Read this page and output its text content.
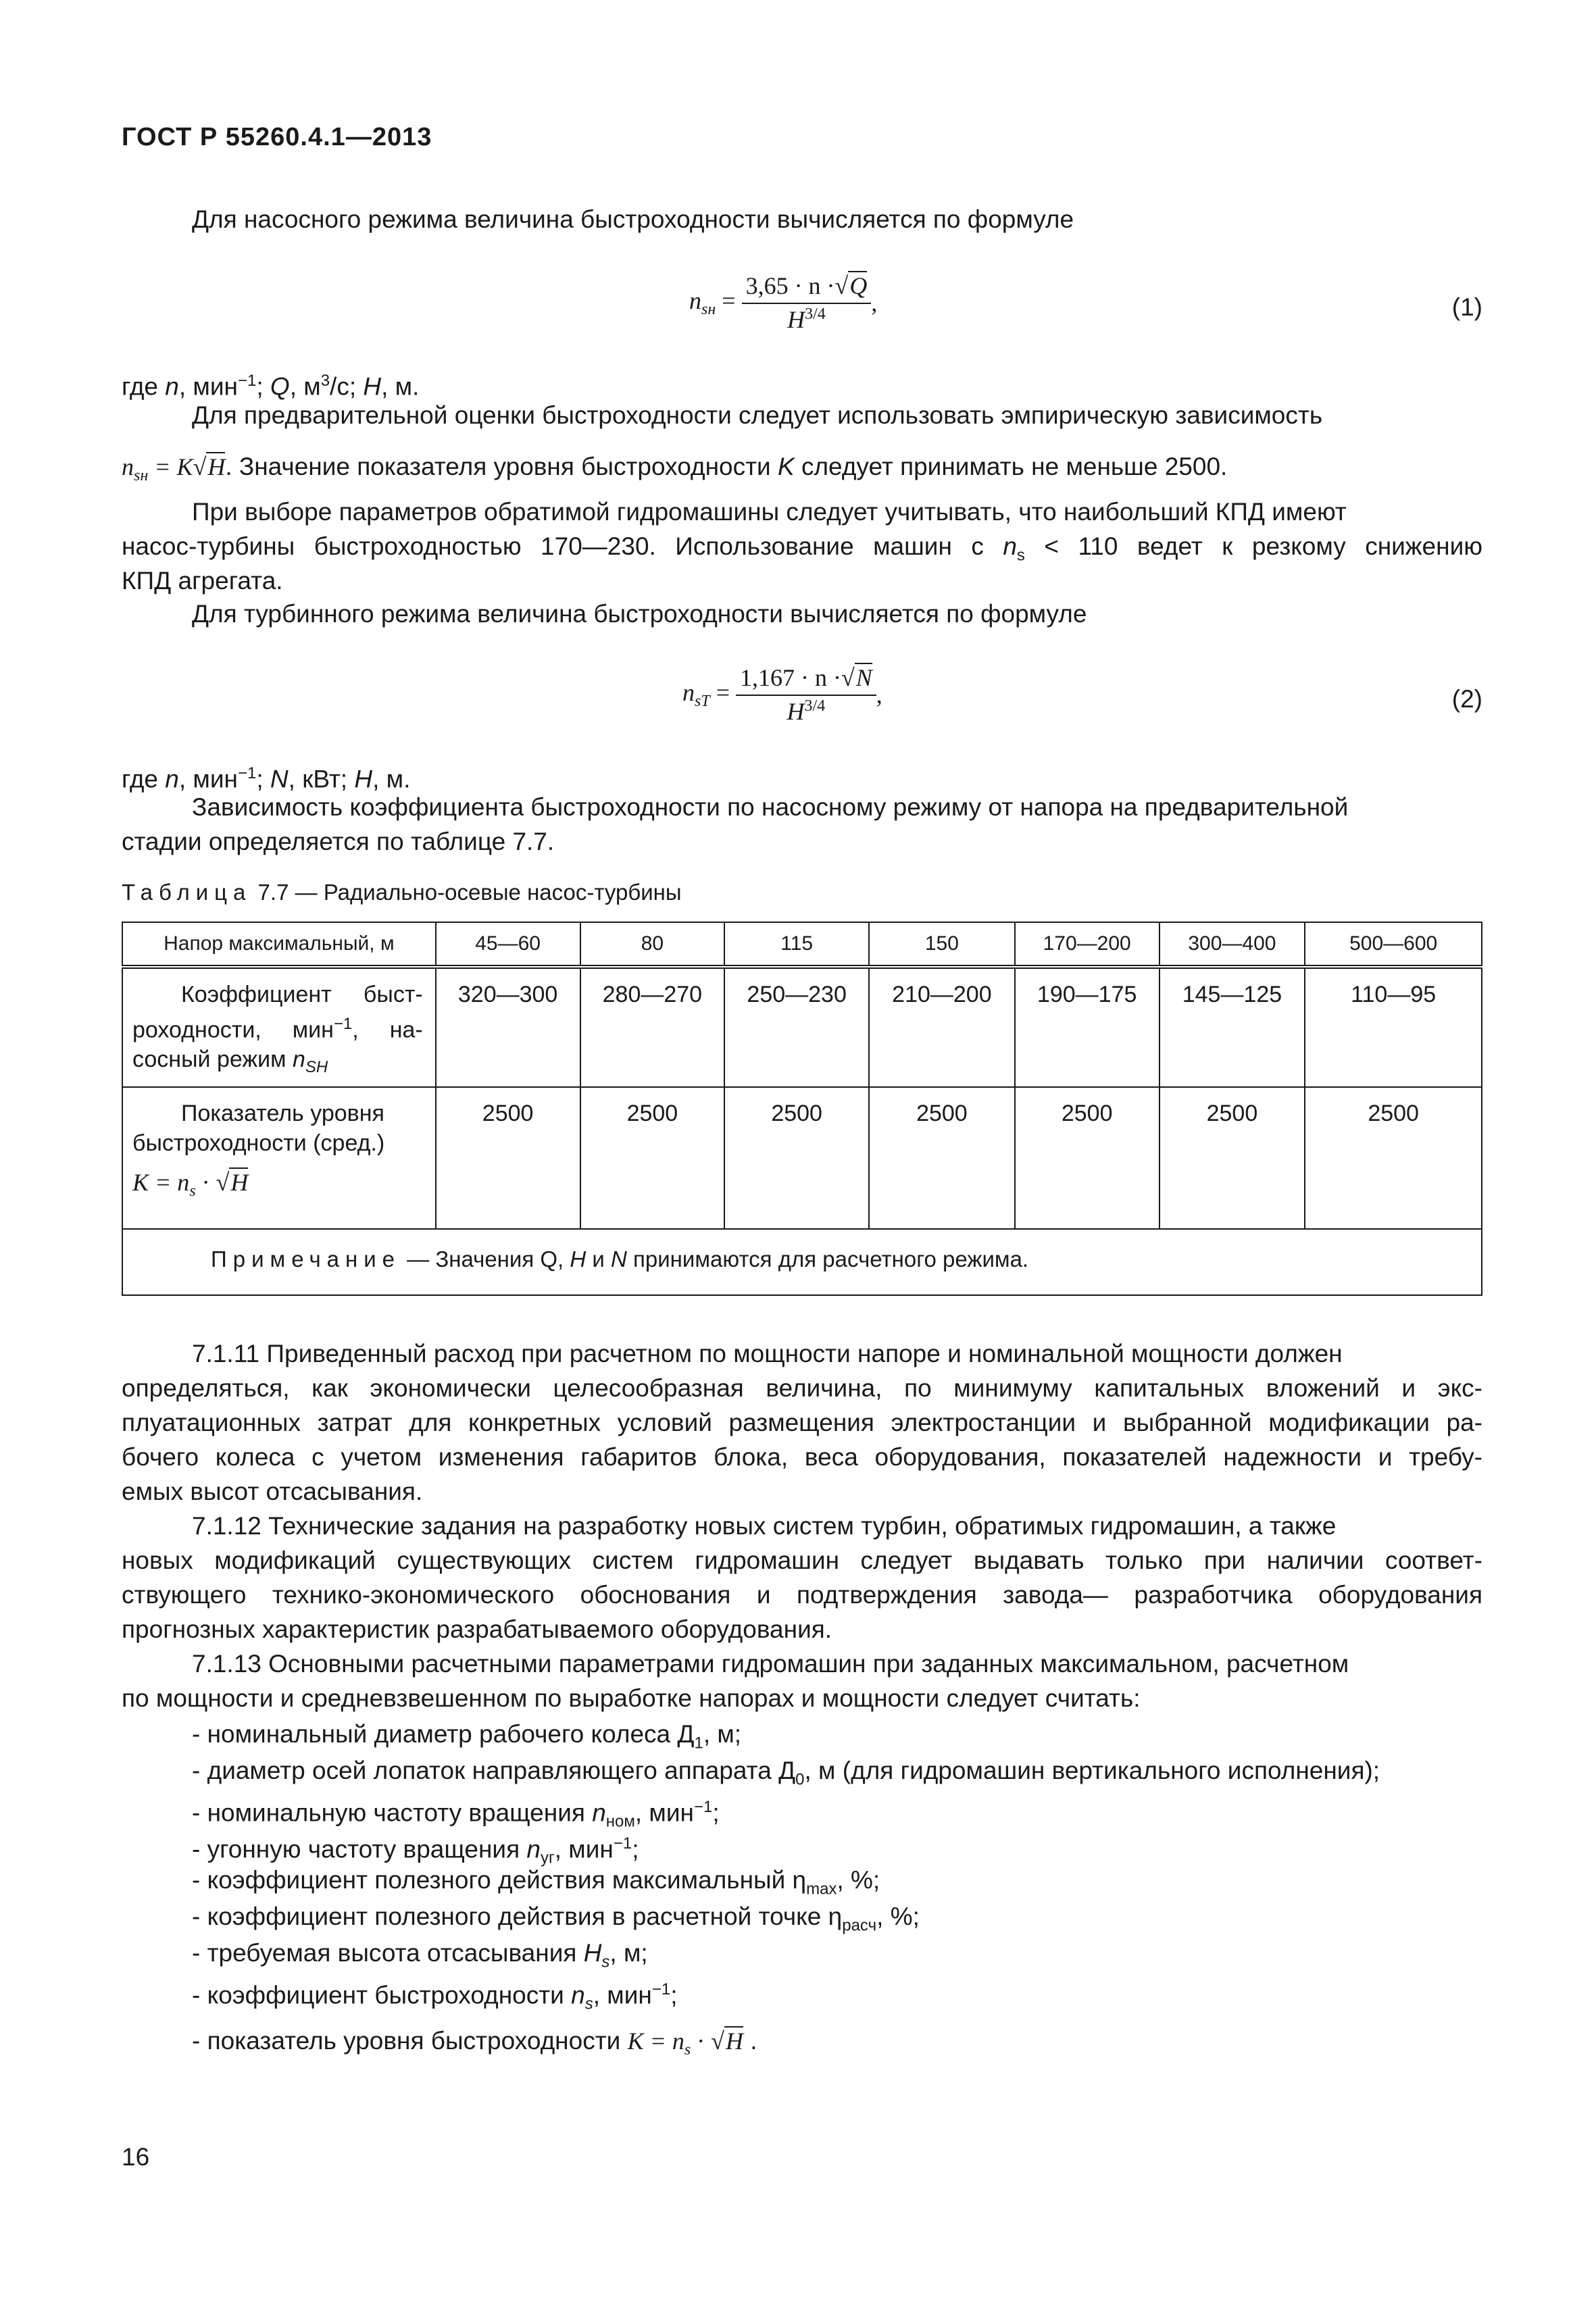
ГОСТ Р 55260.4.1—2013
Для насосного режима величина быстроходности вычисляется по формуле
$n_{sн} = \frac{3,65 \cdot n \cdot√Q}{H^{3/4}}$ ,	(1)
где n, мин$^{-1}$; Q, $м^3/с$; H, м.
Для предварительной оценки быстроходности следует использовать эмпирическую зависимость
$n_{sн} = K√H$. Значение показателя уровня быстроходности K следует принимать не меньше 2500.
При выборе параметров обратимой гидромашины следует учитывать, что наибольший КПД имеют
насос-турбины быстроходностью 170—230. Использование машин с $n_s < 110$ ведет к резкому снижению
КПД агрегата.
Для турбинного режима величина быстроходности вычисляется по формуле
$n_{sT} = \frac{1,167 \cdot n \cdot√N}{H^{3/4}}$ ,	(2)
где n, мин$^{-1}$; N, кВт; H, м.
Зависимость коэффициента быстроходности по насосному режиму от напора на предварительной
стадии определяется по таблице 7.7.
Таблица 7.7 — Радиально-осевые насос-турбины
Напор максимальный, м	45—60	80	115	150	170—200	300—400	500—600

Коэффициент быст-
роходности, мин$^{-1}$, на-
сосный режим $n_{SH}$	320—300	280—270	250—230	210—200	190—175	145—125	110—95

Показатель уровня
быстроходности (сред.)
$K = n_s \cdot √H$	2500	2500	2500	2500	2500	2500	2500
Примечание — Значения Q, H и N принимаются для расчетного режима.							
7.1.11 Приведенный расход при расчетном по мощности напоре и номинальной мощности должен
определяться, как экономически целесообразная величина, по минимуму капитальных вложений и экс-
плуатационных затрат для конкретных условий размещения электростанции и выбранной модификации ра-
бочего колеса с учетом изменения габаритов блока, веса оборудования, показателей надежности и требу-
емых высот отсасывания.
7.1.12 Технические задания на разработку новых систем турбин, обратимых гидромашин, а также
новых модификаций существующих систем гидромашин следует выдавать только при наличии соответ-
ствующего технико-экономического обоснования и подтверждения завода— разработчика оборудования
прогнозных характеристик разрабатываемого оборудования.
7.1.13 Основными расчетными параметрами гидромашин при заданных максимальном, расчетном
по мощности и средневзвешенном по выработке напорах и мощности следует считать:
- номинальный диаметр рабочего колеса $Д_1$, м;
- диаметр осей лопаток направляющего аппарата $Д_0$, м (для гидромашин вертикального исполнения);
- номинальную частоту вращения $n_{ном}$, мин$^{-1}$;
- угонную частоту вращения $n_{уг}$, мин$^{-1}$;
- коэффициент полезного действия максимальный $\eta_{max}$, %;
- коэффициент полезного действия в расчетной точке $\eta_{расч}$, %;
- требуемая высота отсасывания $H_s$, м;
- коэффициент быстроходности $n_s$, мин$^{-1}$;
- показатель уровня быстроходности $K = n_s \cdot √H$ .
16
